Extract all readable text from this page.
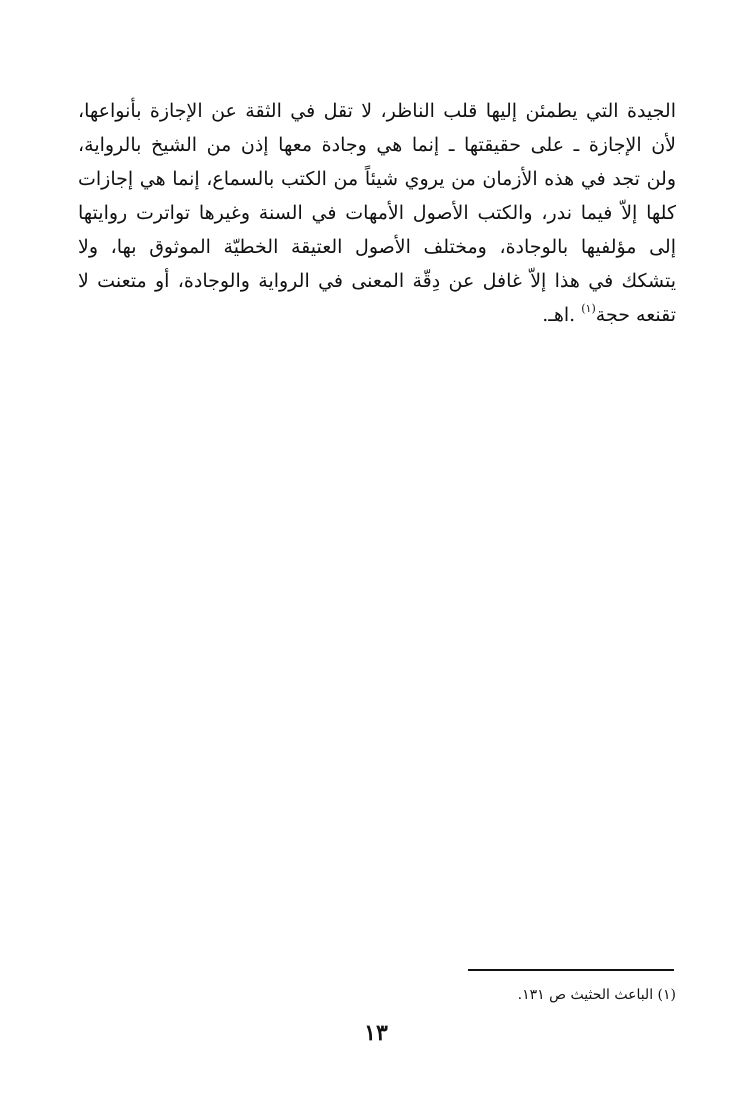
الجيدة التي يطمئن إليها قلب الناظر، لا تقل في الثقة عن الإجازة بأنواعها،
لأن الإجازة ـ على حقيقتها ـ إنما هي وجادة معها إذن من الشيخ بالرواية،
ولن تجد في هذه الأزمان من يروي شيئاً من الكتب بالسماع، إنما هي إجازات
كلها إلاّ فيما ندر، والكتب الأصول الأمهات في السنة وغيرها تواترت روايتها
إلى مؤلفيها بالوجادة، ومختلف الأصول العتيقة الخطيّة الموثوق بها، ولا
يتشكك في هذا إلاّ غافل عن دِقّة المعنى في الرواية والوجادة، أو متعنت لا
تقنعه حجة$^{(١)}$ .اهـ.
(١) الباعث الحثيث ص ١٣١.
١٣
